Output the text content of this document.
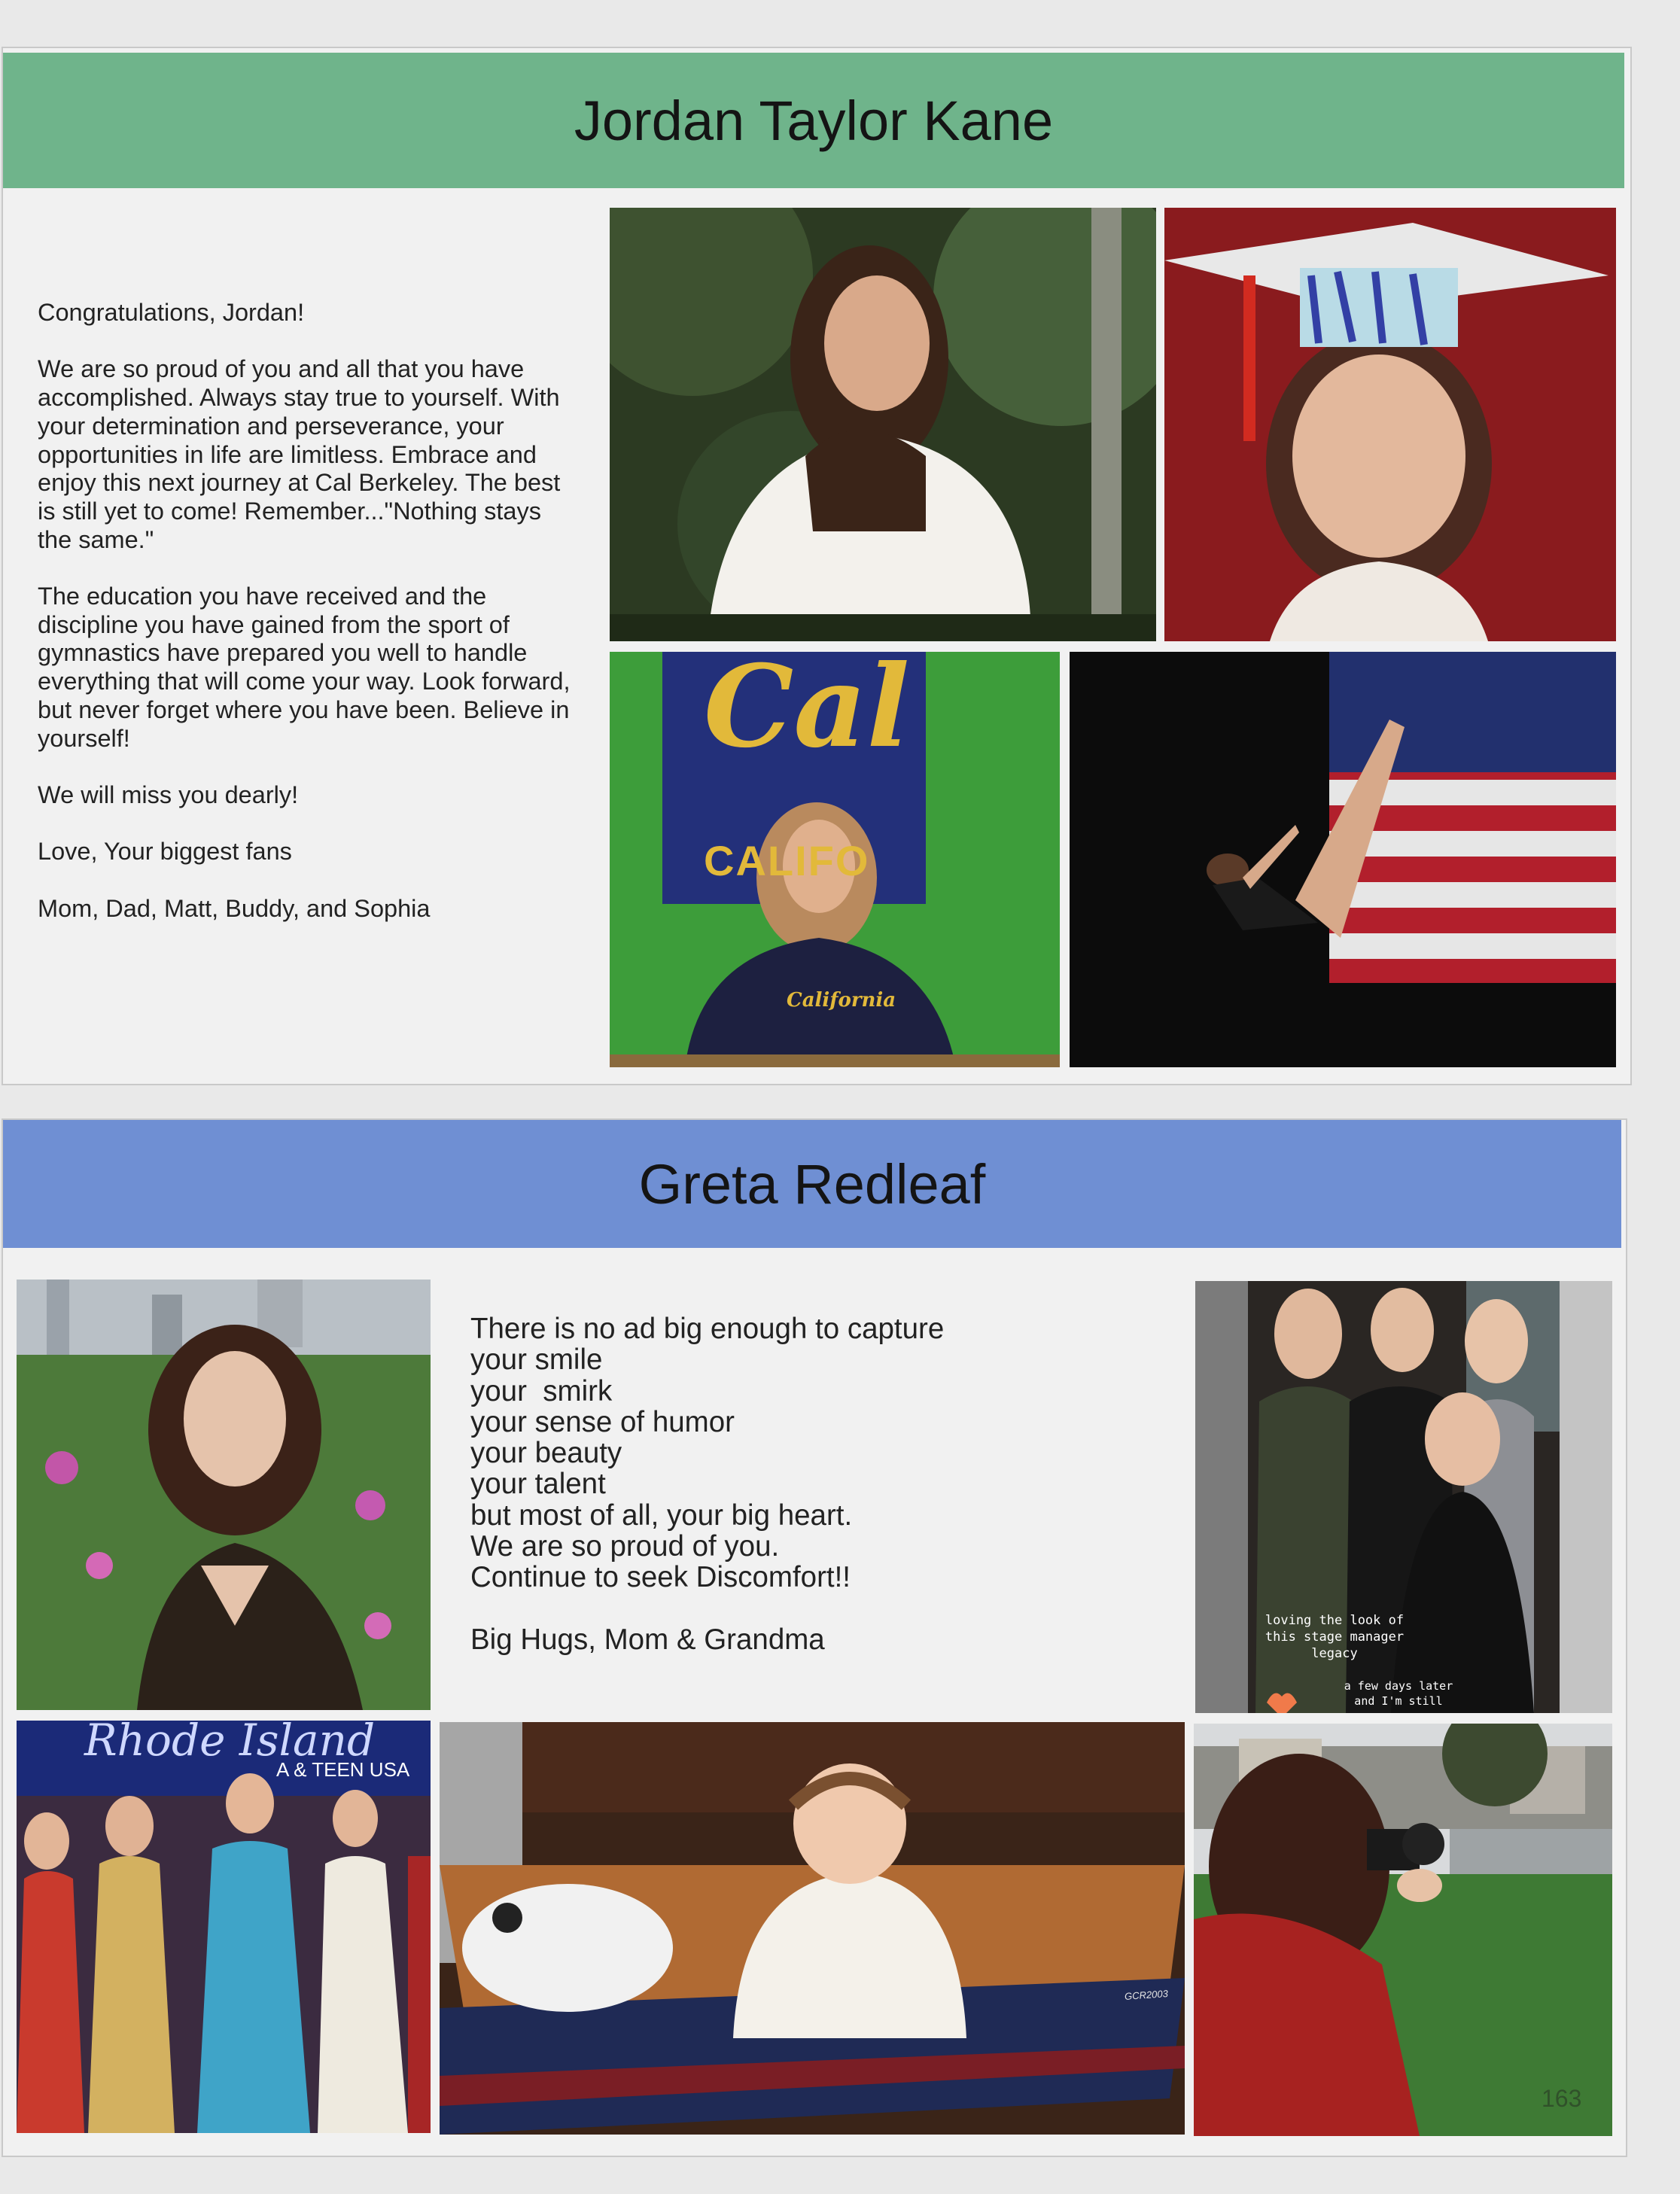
Jordan Taylor Kane

Congratulations, Jordan!

We are so proud of you and all that you have accomplished. Always stay true to yourself. With your determination and perseverance, your opportunities in life are limitless. Embrace and enjoy this next journey at Cal Berkeley. The best is still yet to come! Remember..."Nothing stays the same."

The education you have received and the discipline you have gained from the sport of gymnastics have prepared you well to handle everything that will come your way. Look forward, but never forget where you have been. Believe in yourself!

We will miss you dearly!

Love, Your biggest fans

Mom, Dad, Matt, Buddy, and Sophia

Cal
CALIFO
California
Greta Redleaf
There is no ad big enough to capture
your smile
your  smirk
your sense of humor
your beauty
your talent
but most of all, your big heart.
We are so proud of you.
Continue to seek Discomfort!!
Big Hugs, Mom & Grandma
loving the look of this stage manager legacy
a few days later and I'm still
Rhode Island
A & TEEN USA
GCR2003
163
